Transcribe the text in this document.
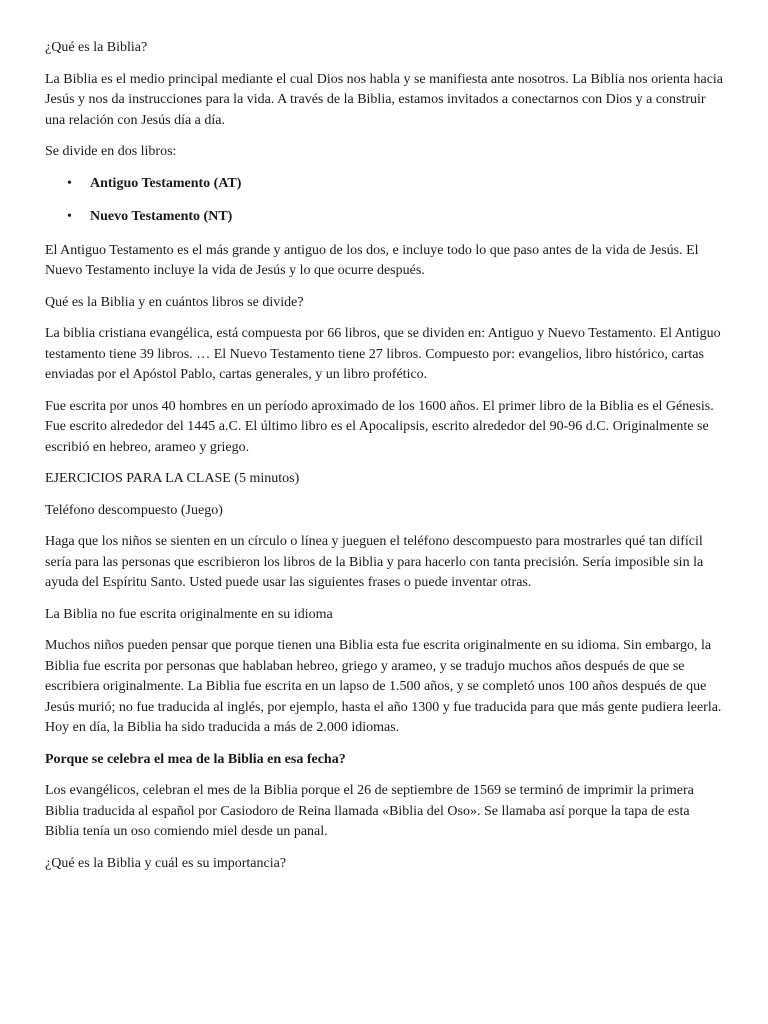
¿Qué es la Biblia?

La Biblia es el medio principal mediante el cual Dios nos habla y se manifiesta ante nosotros. La Biblia nos orienta hacia Jesús y nos da instrucciones para la vida. A través de la Biblia, estamos invitados a conectarnos con Dios y a construir una relación con Jesús día a día.

Se divide en dos libros:

• Antiguo Testamento (AT)
• Nuevo Testamento (NT)

El Antiguo Testamento es el más grande y antiguo de los dos, e incluye todo lo que paso antes de la vida de Jesús. El Nuevo Testamento incluye la vida de Jesús y lo que ocurre después.

Qué es la Biblia y en cuántos libros se divide?

La biblia cristiana evangélica, está compuesta por 66 libros, que se dividen en: Antiguo y Nuevo Testamento. El Antiguo testamento tiene 39 libros. … El Nuevo Testamento tiene 27 libros. Compuesto por: evangelios, libro histórico, cartas enviadas por el Apóstol Pablo, cartas generales, y un libro profético.

Fue escrita por unos 40 hombres en un período aproximado de los 1600 años. El primer libro de la Biblia es el Génesis. Fue escrito alrededor del 1445 a.C. El último libro es el Apocalipsis, escrito alrededor del 90-96 d.C. Originalmente se escribió en hebreo, arameo y griego.

EJERCICIOS PARA LA CLASE (5 minutos)

Teléfono descompuesto (Juego)

Haga que los niños se sienten en un círculo o línea y jueguen el teléfono descompuesto para mostrarles qué tan difícil sería para las personas que escribieron los libros de la Biblia y para hacerlo con tanta precisión. Sería imposible sin la ayuda del Espíritu Santo. Usted puede usar las siguientes frases o puede inventar otras.

La Biblia no fue escrita originalmente en su idioma

Muchos niños pueden pensar que porque tienen una Biblia esta fue escrita originalmente en su idioma. Sin embargo, la Biblia fue escrita por personas que hablaban hebreo, griego y arameo, y se tradujo muchos años después de que se escribiera originalmente. La Biblia fue escrita en un lapso de 1.500 años, y se completó unos 100 años después de que Jesús murió; no fue traducida al inglés, por ejemplo, hasta el año 1300 y fue traducida para que más gente pudiera leerla. Hoy en día, la Biblia ha sido traducida a más de 2.000 idiomas.

Porque se celebra el mea de la Biblia en esa fecha?

Los evangélicos, celebran el mes de la Biblia porque el 26 de septiembre de 1569 se terminó de imprimir la primera Biblia traducida al español por Casiodoro de Reina llamada «Biblia del Oso». Se llamaba así porque la tapa de esta Biblia tenía un oso comiendo miel desde un panal.

¿Qué es la Biblia y cuál es su importancia?
